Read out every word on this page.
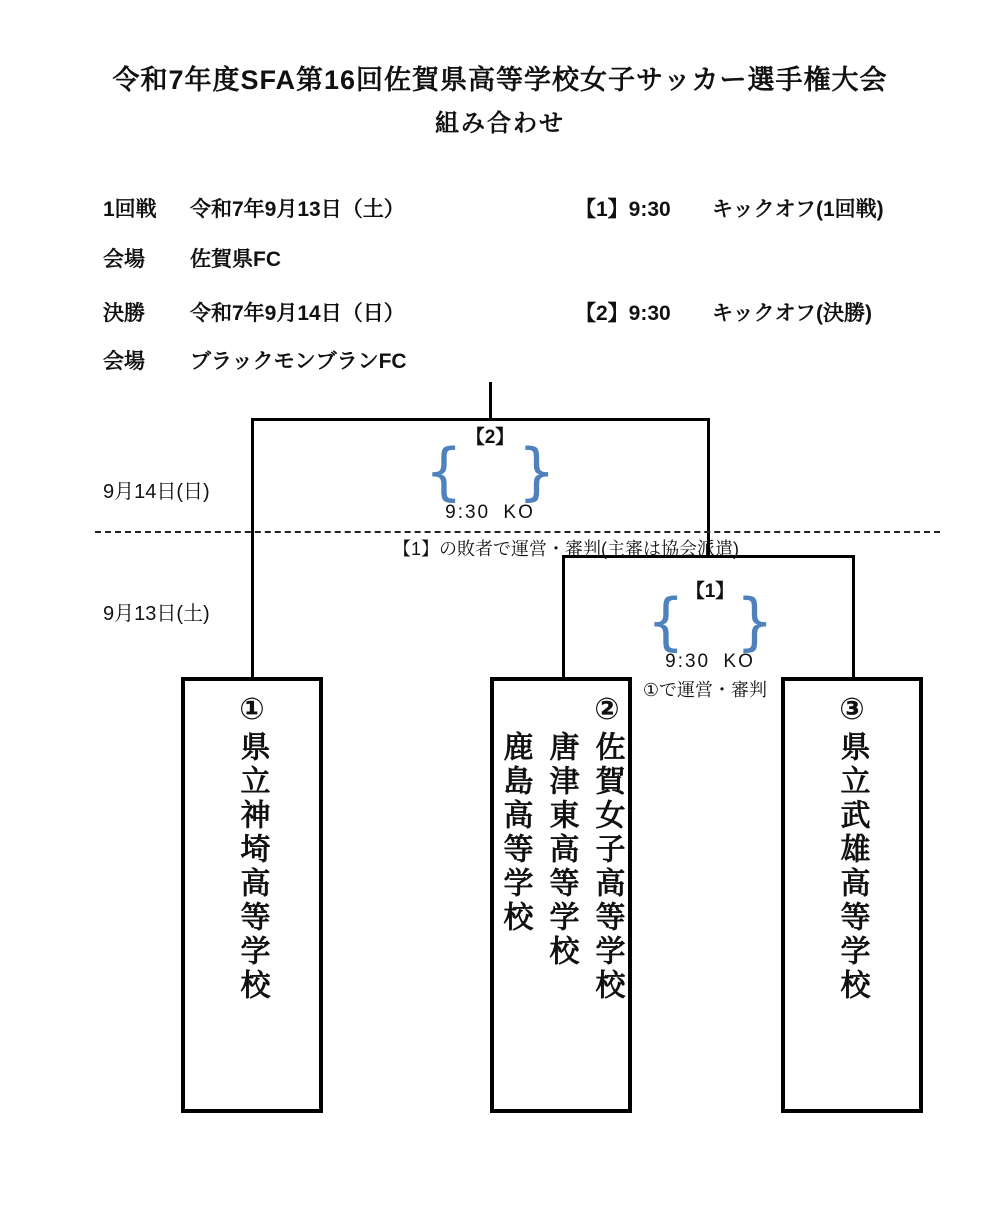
令和7年度SFA第16回佐賀県高等学校女子サッカー選手権大会
組み合わせ
1回戦 令和7年9月13日（土）	【1】9:30 キックオフ(1回戦)
会場 佐賀県FC
決勝 令和7年9月14日（日）	【2】9:30 キックオフ(決勝)
会場 ブラックモンブランFC
9月14日(日)
9月13日(土)
【2】
{
}
9:30 KO
【1】の敗者で運営・審判(主審は協会派遣)
【1】
{
}
9:30 KO
①で運営・審判
①県立神埼高等学校
②佐賀女子高等学校
唐津東高等学校
鹿島高等学校
③県立武雄高等学校
